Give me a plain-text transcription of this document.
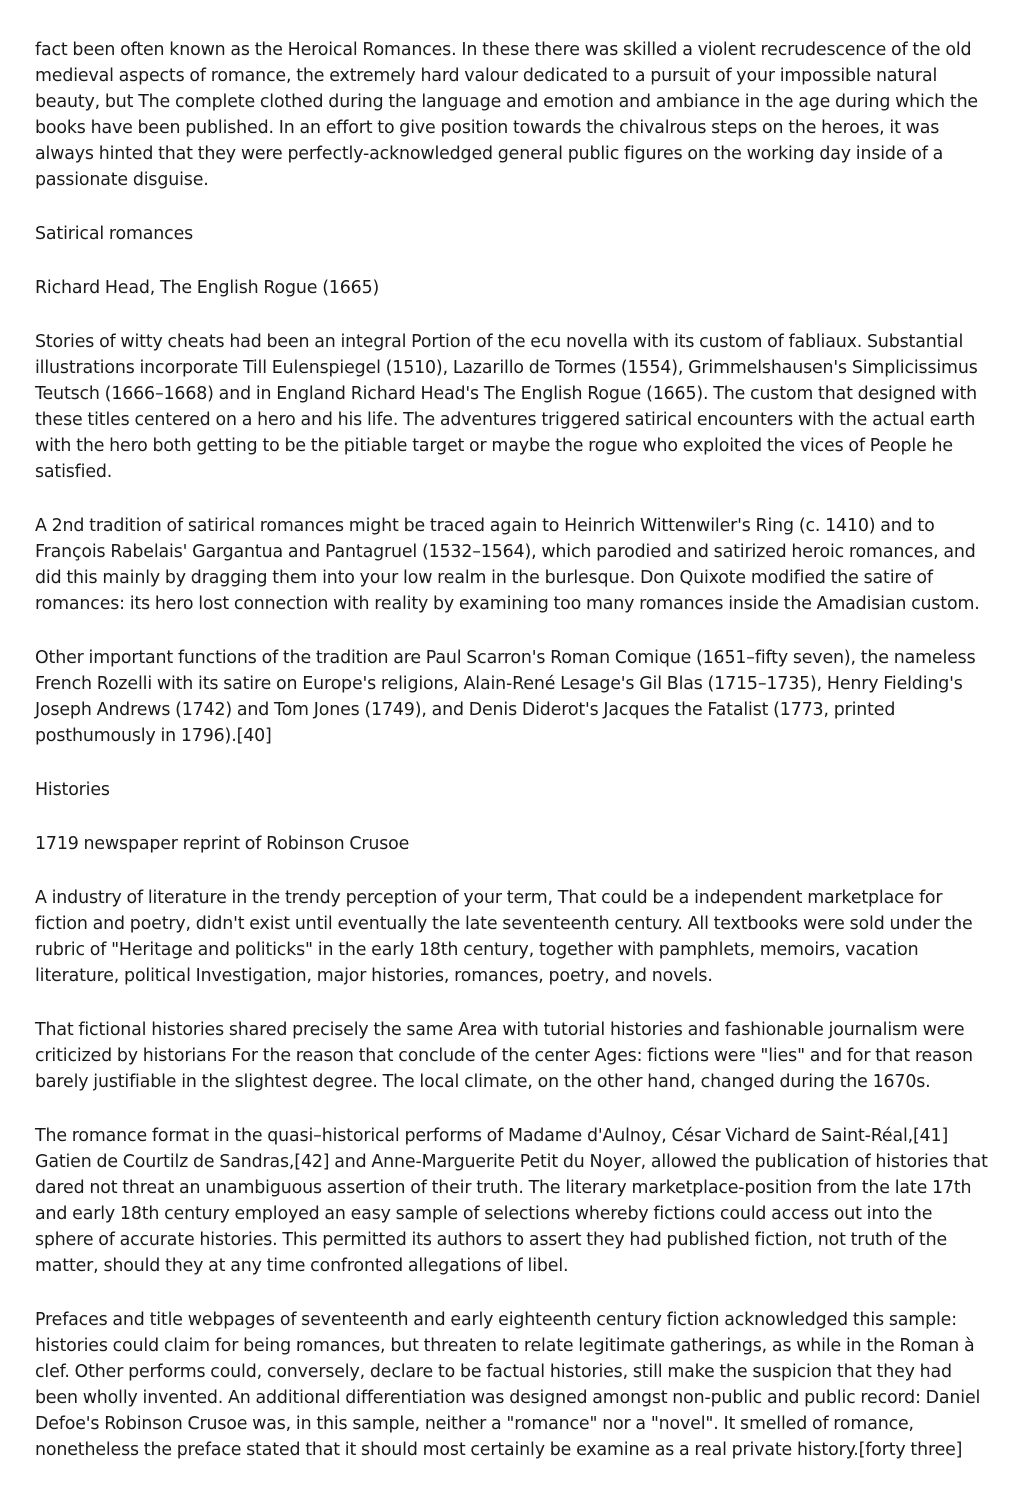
fact been often known as the Heroical Romances. In these there was skilled a violent recrudescence of the old medieval aspects of romance, the extremely hard valour dedicated to a pursuit of your impossible natural beauty, but The complete clothed during the language and emotion and ambiance in the age during which the books have been published. In an effort to give position towards the chivalrous steps on the heroes, it was always hinted that they were perfectly-acknowledged general public figures on the working day inside of a passionate disguise.

Satirical romances

Richard Head, The English Rogue (1665)

Stories of witty cheats had been an integral Portion of the ecu novella with its custom of fabliaux. Substantial illustrations incorporate Till Eulenspiegel (1510), Lazarillo de Tormes (1554), Grimmelshausen's Simplicissimus Teutsch (1666–1668) and in England Richard Head's The English Rogue (1665). The custom that designed with these titles centered on a hero and his life. The adventures triggered satirical encounters with the actual earth with the hero both getting to be the pitiable target or maybe the rogue who exploited the vices of People he satisfied.

A 2nd tradition of satirical romances might be traced again to Heinrich Wittenwiler's Ring (c. 1410) and to François Rabelais' Gargantua and Pantagruel (1532–1564), which parodied and satirized heroic romances, and did this mainly by dragging them into your low realm in the burlesque. Don Quixote modified the satire of romances: its hero lost connection with reality by examining too many romances inside the Amadisian custom.

Other important functions of the tradition are Paul Scarron's Roman Comique (1651–fifty seven), the nameless French Rozelli with its satire on Europe's religions, Alain-René Lesage's Gil Blas (1715–1735), Henry Fielding's Joseph Andrews (1742) and Tom Jones (1749), and Denis Diderot's Jacques the Fatalist (1773, printed posthumously in 1796).[40]

Histories

1719 newspaper reprint of Robinson Crusoe

A industry of literature in the trendy perception of your term, That could be a independent marketplace for fiction and poetry, didn't exist until eventually the late seventeenth century. All textbooks were sold under the rubric of "Heritage and politicks" in the early 18th century, together with pamphlets, memoirs, vacation literature, political Investigation, major histories, romances, poetry, and novels.

That fictional histories shared precisely the same Area with tutorial histories and fashionable journalism were criticized by historians For the reason that conclude of the center Ages: fictions were "lies" and for that reason barely justifiable in the slightest degree. The local climate, on the other hand, changed during the 1670s.

The romance format in the quasi–historical performs of Madame d'Aulnoy, César Vichard de Saint-Réal,[41] Gatien de Courtilz de Sandras,[42] and Anne-Marguerite Petit du Noyer, allowed the publication of histories that dared not threat an unambiguous assertion of their truth. The literary marketplace-position from the late 17th and early 18th century employed an easy sample of selections whereby fictions could access out into the sphere of accurate histories. This permitted its authors to assert they had published fiction, not truth of the matter, should they at any time confronted allegations of libel.

Prefaces and title webpages of seventeenth and early eighteenth century fiction acknowledged this sample: histories could claim for being romances, but threaten to relate legitimate gatherings, as while in the Roman à clef. Other performs could, conversely, declare to be factual histories, still make the suspicion that they had been wholly invented. An additional differentiation was designed amongst non-public and public record: Daniel Defoe's Robinson Crusoe was, in this sample, neither a "romance" nor a "novel". It smelled of romance, nonetheless the preface stated that it should most certainly be examine as a real private history.[forty three]
